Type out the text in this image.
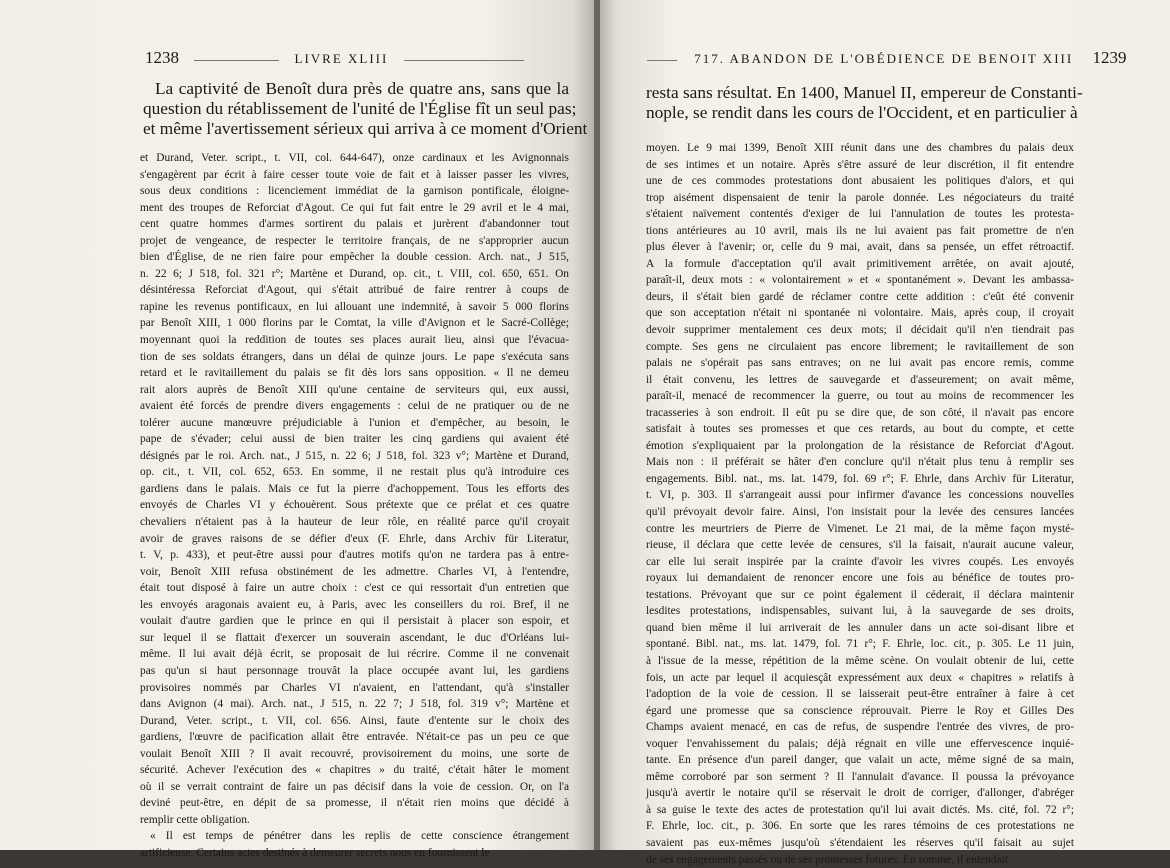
1238	LIVRE XLIII

La captivité de Benoît dura près de quatre ans, sans que la

question du rétablissement de l'unité de l'Église fît un seul pas;

et même l'avertissement sérieux qui arriva à ce moment d'Orient

et Durand, Veter. script., t. VII, col. 644-647), onze cardinaux et les Avignonnais

s'engagèrent par écrit à faire cesser toute voie de fait et à laisser passer les vivres,

sous deux conditions : licenciement immédiat de la garnison pontificale, éloigne-

ment des troupes de Reforciat d'Agout. Ce qui fut fait entre le 29 avril et le 4 mai,

cent quatre hommes d'armes sortirent du palais et jurèrent d'abandonner tout

projet de vengeance, de respecter le territoire français, de ne s'approprier aucun

bien d'Église, de ne rien faire pour empêcher la double cession. Arch. nat., J 515,

n. 22 6; J 518, fol. 321 r°; Martène et Durand, op. cit., t. VIII, col. 650, 651. On

désintéressa Reforciat d'Agout, qui s'était attribué de faire rentrer à coups de

rapine les revenus pontificaux, en lui allouant une indemnité, à savoir 5 000 florins

par Benoît XIII, 1 000 florins par le Comtat, la ville d'Avignon et le Sacré-Collège;

moyennant quoi la reddition de toutes ses places aurait lieu, ainsi que l'évacua-

tion de ses soldats étrangers, dans un délai de quinze jours. Le pape s'exécuta sans

retard et le ravitaillement du palais se fit dès lors sans opposition. « Il ne demeu

rait alors auprès de Benoît XIII qu'une centaine de serviteurs qui, eux aussi,

avaient été forcés de prendre divers engagements : celui de ne pratiquer ou de ne

tolérer aucune manœuvre préjudiciable à l'union et d'empêcher, au besoin, le

pape de s'évader; celui aussi de bien traiter les cinq gardiens qui avaient été

désignés par le roi. Arch. nat., J 515, n. 22 6; J 518, fol. 323 v°; Martène et Durand,

op. cit., t. VII, col. 652, 653. En somme, il ne restait plus qu'à introduire ces

gardiens dans le palais. Mais ce fut la pierre d'achoppement. Tous les efforts des

envoyés de Charles VI y échouèrent. Sous prétexte que ce prélat et ces quatre

chevaliers n'étaient pas à la hauteur de leur rôle, en réalité parce qu'il croyait

avoir de graves raisons de se défier d'eux (F. Ehrle, dans Archiv für Literatur,

t. V, p. 433), et peut-être aussi pour d'autres motifs qu'on ne tardera pas à entre-

voir, Benoît XIII refusa obstinément de les admettre. Charles VI, à l'entendre,

était tout disposé à faire un autre choix : c'est ce qui ressortait d'un entretien que

les envoyés aragonais avaient eu, à Paris, avec les conseillers du roi. Bref, il ne

voulait d'autre gardien que le prince en qui il persistait à placer son espoir, et

sur lequel il se flattait d'exercer un souverain ascendant, le duc d'Orléans lui-

même. Il lui avait déjà écrit, se proposait de lui récrire. Comme il ne convenait

pas qu'un si haut personnage trouvât la place occupée avant lui, les gardiens

provisoires nommés par Charles VI n'avaient, en l'attendant, qu'à s'installer

dans Avignon (4 mai). Arch. nat., J 515, n. 22 7; J 518, fol. 319 v°; Martène et

Durand, Veter. script., t. VII, col. 656. Ainsi, faute d'entente sur le choix des

gardiens, l'œuvre de pacification allait être entravée. N'était-ce pas un peu ce que

voulait Benoît XIII ? Il avait recouvré, provisoirement du moins, une sorte de

sécurité. Achever l'exécution des « chapitres » du traité, c'était hâter le moment

où il se verrait contraint de faire un pas décisif dans la voie de cession. Or, on l'a

deviné peut-être, en dépit de sa promesse, il n'était rien moins que décidé à

remplir cette obligation.

« Il est temps de pénétrer dans les replis de cette conscience étrangement

artificieuse. Certains actes destinés à demeurer secrets nous en fournissent le

717. ABANDON DE L'OBÉDIENCE DE BENOIT XIII 1239

resta sans résultat. En 1400, Manuel II, empereur de Constanti-

nople, se rendit dans les cours de l'Occident, et en particulier à

moyen. Le 9 mai 1399, Benoît XIII réunit dans une des chambres du palais deux

de ses intimes et un notaire. Après s'être assuré de leur discrétion, il fit entendre

une de ces commodes protestations dont abusaient les politiques d'alors, et qui

trop aisément dispensaient de tenir la parole donnée. Les négociateurs du traité

s'étaient naïvement contentés d'exiger de lui l'annulation de toutes les protesta-

tions antérieures au 10 avril, mais ils ne lui avaient pas fait promettre de n'en

plus élever à l'avenir; or, celle du 9 mai, avait, dans sa pensée, un effet rétroactif.

A la formule d'acceptation qu'il avait primitivement arrêtée, on avait ajouté,

paraît-il, deux mots : « volontairement » et « spontanément ». Devant les ambassa-

deurs, il s'était bien gardé de réclamer contre cette addition : c'eût été convenir

que son acceptation n'était ni spontanée ni volontaire. Mais, après coup, il croyait

devoir supprimer mentalement ces deux mots; il décidait qu'il n'en tiendrait pas

compte. Ses gens ne circulaient pas encore librement; le ravitaillement de son

palais ne s'opérait pas sans entraves; on ne lui avait pas encore remis, comme

il était convenu, les lettres de sauvegarde et d'asseurement; on avait même,

paraît-il, menacé de recommencer la guerre, ou tout au moins de recommencer les

tracasseries à son endroit. Il eût pu se dire que, de son côté, il n'avait pas encore

satisfait à toutes ses promesses et que ces retards, au bout du compte, et cette

émotion s'expliquaient par la prolongation de la résistance de Reforciat d'Agout.

Mais non : il préférait se hâter d'en conclure qu'il n'était plus tenu à remplir ses

engagements. Bibl. nat., ms. lat. 1479, fol. 69 r°; F. Ehrle, dans Archiv für Literatur,

t. VI, p. 303. Il s'arrangeait aussi pour infirmer d'avance les concessions nouvelles

qu'il prévoyait devoir faire. Ainsi, l'on insistait pour la levée des censures lancées

contre les meurtriers de Pierre de Vimenet. Le 21 mai, de la même façon mysté-

rieuse, il déclara que cette levée de censures, s'il la faisait, n'aurait aucune valeur,

car elle lui serait inspirée par la crainte d'avoir les vivres coupés. Les envoyés

royaux lui demandaient de renoncer encore une fois au bénéfice de toutes pro-

testations. Prévoyant que sur ce point également il céderait, il déclara maintenir

lesdites protestations, indispensables, suivant lui, à la sauvegarde de ses droits,

quand bien même il lui arriverait de les annuler dans un acte soi-disant libre et

spontané. Bibl. nat., ms. lat. 1479, fol. 71 r°; F. Ehrle, loc. cit., p. 305. Le 11 juin,

à l'issue de la messe, répétition de la même scène. On voulait obtenir de lui, cette

fois, un acte par lequel il acquiesçât expressément aux deux « chapitres » relatifs à

l'adoption de la voie de cession. Il se laisserait peut-être entraîner à faire à cet

égard une promesse que sa conscience réprouvait. Pierre le Roy et Gilles Des

Champs avaient menacé, en cas de refus, de suspendre l'entrée des vivres, de pro-

voquer l'envahissement du palais; déjà régnait en ville une effervescence inquié-

tante. En présence d'un pareil danger, que valait un acte, même signé de sa main,

même corroboré par son serment ? Il l'annulait d'avance. Il poussa la prévoyance

jusqu'à avertir le notaire qu'il se réservait le droit de corriger, d'allonger, d'abréger

à sa guise le texte des actes de protestation qu'il lui avait dictés. Ms. cité, fol. 72 r°;

F. Ehrle, loc. cit., p. 306. En sorte que les rares témoins de ces protestations ne

savaient pas eux-mêmes jusqu'où s'étendaient les réserves qu'il faisait au sujet

de ses engagements passés ou de ses promesses futures. En somme, il entendait
